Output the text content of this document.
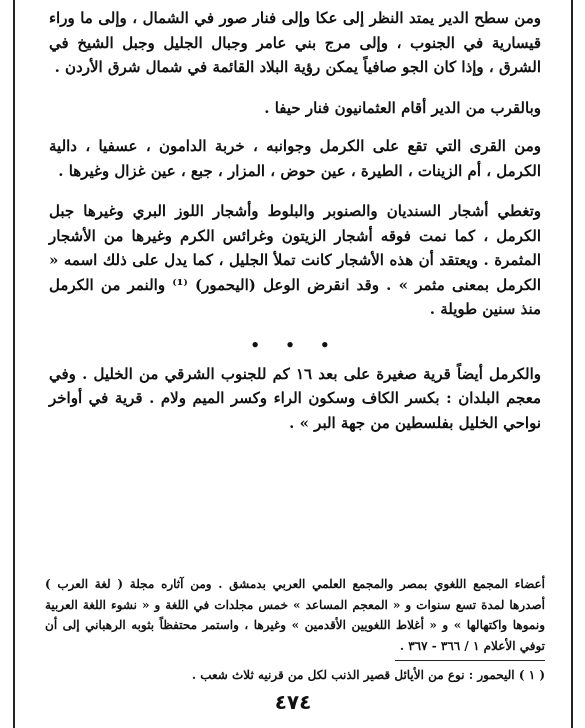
ومن سطح الدير يمتد النظر إلى عكا وإلى فنار صور في الشمال ، وإلى ما وراء قيسارية في الجنوب ، وإلى مرج بني عامر وجبال الجليل وجبل الشيخ في الشرق ، وإذا كان الجو صافياً يمكن رؤية البلاد القائمة في شمال شرق الأردن .

وبالقرب من الدير أقام العثمانيون فنار حيفا .

ومن القرى التي تقع على الكرمل وجوانبه ، خربة الدامون ، عسفيا ، دالية الكرمل ، أم الزينات ، الطيرة ، عين حوض ، المزار ، جبع ، عين غزال وغيرها .

وتغطي أشجار السنديان والصنوبر والبلوط وأشجار اللوز البري وغيرها جبل الكرمل ، كما نمت فوقه أشجار الزيتون وغرائس الكرم وغيرها من الأشجار المثمرة . ويعتقد أن هذه الأشجار كانت تملأ الجليل ، كما يدل على ذلك اسمه « الكرمل بمعنى مثمر » . وقد انقرض الوعل (اليحمور) ⁽¹⁾ والنمر من الكرمل منذ سنين طويلة .

• • •

والكرمل أيضاً قرية صغيرة على بعد ١٦ كم للجنوب الشرقي من الخليل . وفي معجم البلدان : بكسر الكاف وسكون الراء وكسر الميم ولام . قرية في أواخر نواحي الخليل بفلسطين من جهة البر » .

أعضاء المجمع اللغوي بمصر والمجمع العلمي العربي بدمشق . ومن آثاره مجلة ( لغة العرب ) أصدرها لمدة تسع سنوات و « المعجم المساعد » خمس مجلدات في اللغة و « نشوء اللغة العربية ونموها واكتهالها » و « أغلاط اللغويين الأقدمين » وغيرها ، واستمر محتفظاً بثوبه الرهباني إلى أن توفي الأعلام ١ / ٣٦٦ - ٣٦٧ .

( ١ ) اليحمور : نوع من الأيائل قصير الذنب لكل من قرنيه ثلاث شعب .

٤٧٤
